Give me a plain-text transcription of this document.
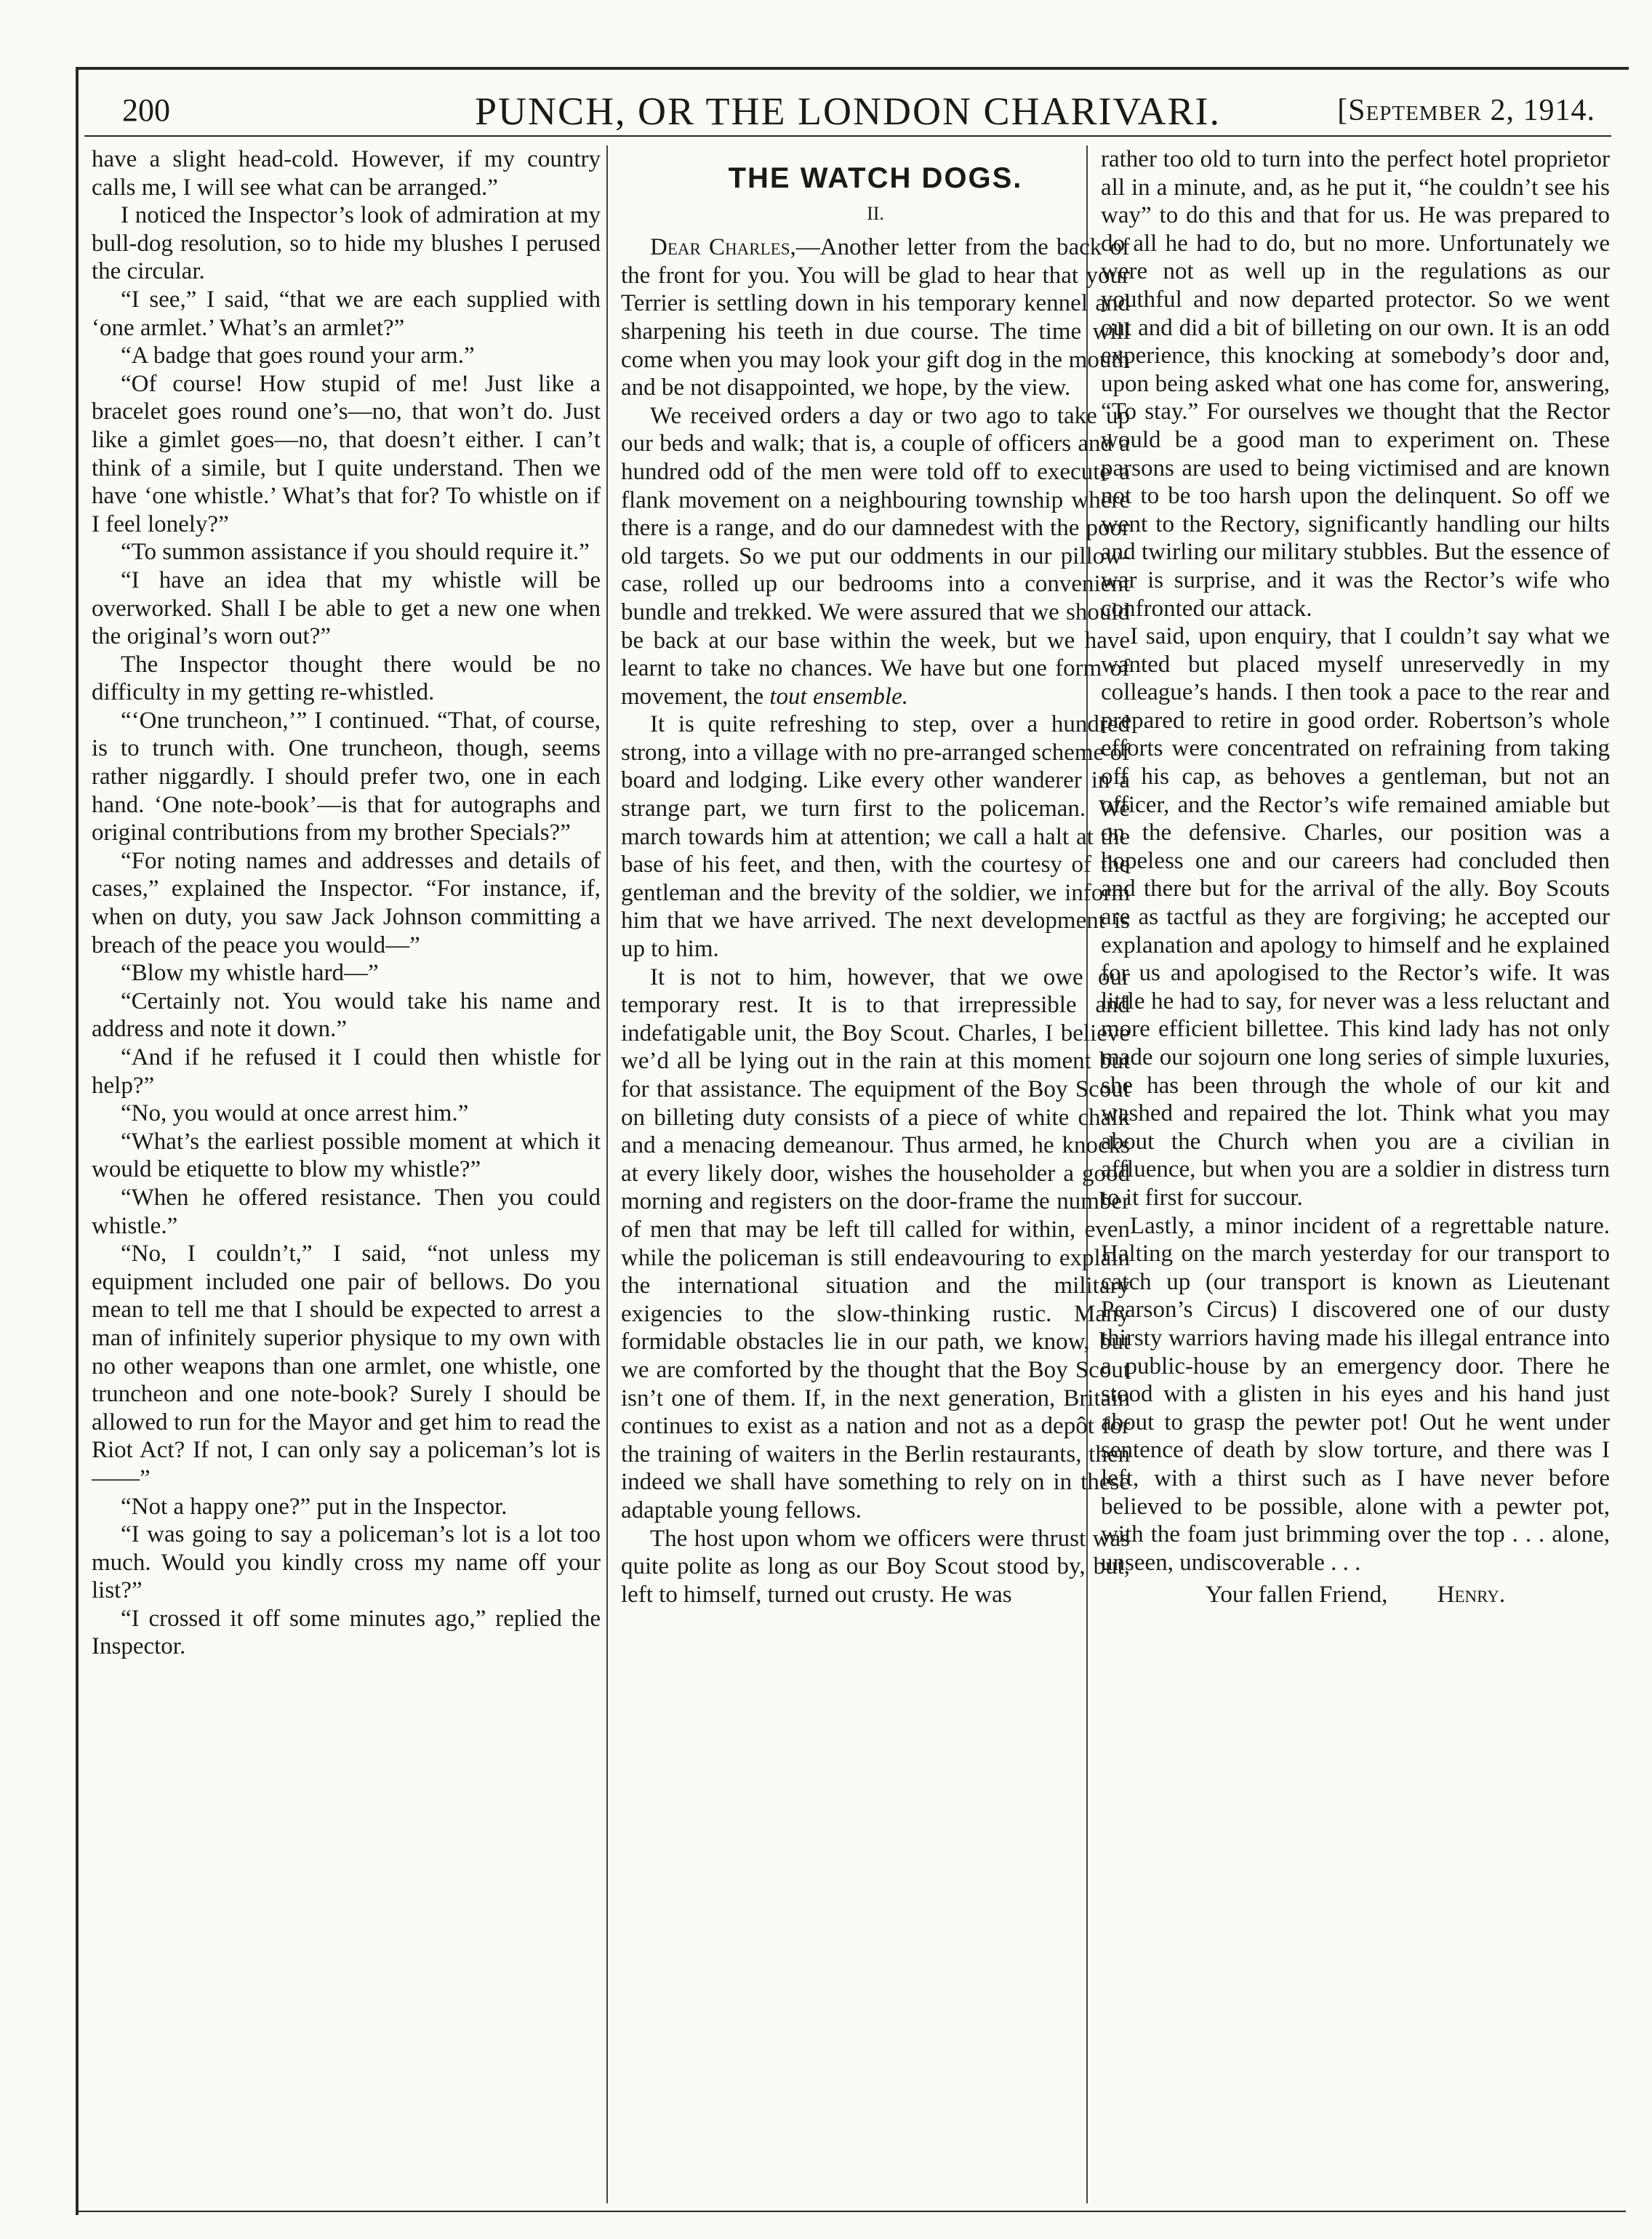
200	PUNCH, OR THE LONDON CHARIVARI.	[September 2, 1914.

have a slight head-cold. However, if my country calls me, I will see what can be arranged.”

I noticed the Inspector’s look of admiration at my bull-dog resolution, so to hide my blushes I perused the circular.

“I see,” I said, “that we are each supplied with ‘one armlet.’ What’s an armlet?”

“A badge that goes round your arm.”

“Of course! How stupid of me! Just like a bracelet goes round one’s—no, that won’t do. Just like a gimlet goes—no, that doesn’t either. I can’t think of a simile, but I quite understand. Then we have ‘one whistle.’ What’s that for? To whistle on if I feel lonely?”

“To summon assistance if you should require it.”

“I have an idea that my whistle will be overworked. Shall I be able to get a new one when the original’s worn out?”

The Inspector thought there would be no difficulty in my getting re-whistled.

“‘One truncheon,’” I continued. “That, of course, is to trunch with. One truncheon, though, seems rather niggardly. I should prefer two, one in each hand. ‘One note-book’—is that for autographs and original contributions from my brother Specials?”

“For noting names and addresses and details of cases,” explained the Inspector. “For instance, if, when on duty, you saw Jack Johnson committing a breach of the peace you would—”

“Blow my whistle hard—”

“Certainly not. You would take his name and address and note it down.”

“And if he refused it I could then whistle for help?”

“No, you would at once arrest him.”

“What’s the earliest possible moment at which it would be etiquette to blow my whistle?”

“When he offered resistance. Then you could whistle.”

“No, I couldn’t,” I said, “not unless my equipment included one pair of bellows. Do you mean to tell me that I should be expected to arrest a man of infinitely superior physique to my own with no other weapons than one armlet, one whistle, one truncheon and one note-book? Surely I should be allowed to run for the Mayor and get him to read the Riot Act? If not, I can only say a policeman’s lot is——”

“Not a happy one?” put in the Inspector.

“I was going to say a policeman’s lot is a lot too much. Would you kindly cross my name off your list?”

“I crossed it off some minutes ago,” replied the Inspector.

THE WATCH DOGS.
II.

Dear Charles,—Another letter from the back of the front for you. You will be glad to hear that your Terrier is settling down in his temporary kennel and sharpening his teeth in due course. The time will come when you may look your gift dog in the mouth and be not disappointed, we hope, by the view.

We received orders a day or two ago to take up our beds and walk; that is, a couple of officers and a hundred odd of the men were told off to execute a flank movement on a neighbouring township where there is a range, and do our damnedest with the poor old targets. So we put our oddments in our pillow-case, rolled up our bedrooms into a convenient bundle and trekked. We were assured that we should be back at our base within the week, but we have learnt to take no chances. We have but one form of movement, the tout ensemble.

It is quite refreshing to step, over a hundred strong, into a village with no pre-arranged scheme of board and lodging. Like every other wanderer in a strange part, we turn first to the policeman. We march towards him at attention; we call a halt at the base of his feet, and then, with the courtesy of the gentleman and the brevity of the soldier, we inform him that we have arrived. The next development is up to him.

It is not to him, however, that we owe our temporary rest. It is to that irrepressible and indefatigable unit, the Boy Scout. Charles, I believe we’d all be lying out in the rain at this moment but for that assistance. The equipment of the Boy Scout on billeting duty consists of a piece of white chalk and a menacing demeanour. Thus armed, he knocks at every likely door, wishes the householder a good morning and registers on the door-frame the number of men that may be left till called for within, even while the policeman is still endeavouring to explain the international situation and the military exigencies to the slow-thinking rustic. Many formidable obstacles lie in our path, we know, but we are comforted by the thought that the Boy Scout isn’t one of them. If, in the next generation, Britain continues to exist as a nation and not as a depôt for the training of waiters in the Berlin restaurants, then indeed we shall have something to rely on in these adaptable young fellows.

The host upon whom we officers were thrust was quite polite as long as our Boy Scout stood by, but, left to himself, turned out crusty. He was

rather too old to turn into the perfect hotel proprietor all in a minute, and, as he put it, “he couldn’t see his way” to do this and that for us. He was prepared to do all he had to do, but no more. Unfortunately we were not as well up in the regulations as our youthful and now departed protector. So we went out and did a bit of billeting on our own. It is an odd experience, this knocking at somebody’s door and, upon being asked what one has come for, answering, “To stay.” For ourselves we thought that the Rector would be a good man to experiment on. These parsons are used to being victimised and are known not to be too harsh upon the delinquent. So off we went to the Rectory, significantly handling our hilts and twirling our military stubbles. But the essence of war is surprise, and it was the Rector’s wife who confronted our attack.

I said, upon enquiry, that I couldn’t say what we wanted but placed myself unreservedly in my colleague’s hands. I then took a pace to the rear and prepared to retire in good order. Robertson’s whole efforts were concentrated on refraining from taking off his cap, as behoves a gentleman, but not an officer, and the Rector’s wife remained amiable but on the defensive. Charles, our position was a hopeless one and our careers had concluded then and there but for the arrival of the ally. Boy Scouts are as tactful as they are forgiving; he accepted our explanation and apology to himself and he explained for us and apologised to the Rector’s wife. It was little he had to say, for never was a less reluctant and more efficient billettee. This kind lady has not only made our sojourn one long series of simple luxuries, she has been through the whole of our kit and washed and repaired the lot. Think what you may about the Church when you are a civilian in affluence, but when you are a soldier in distress turn to it first for succour.

Lastly, a minor incident of a regrettable nature. Halting on the march yesterday for our transport to catch up (our transport is known as Lieutenant Pearson’s Circus) I discovered one of our dusty thirsty warriors having made his illegal entrance into a public-house by an emergency door. There he stood with a glisten in his eyes and his hand just about to grasp the pewter pot! Out he went under sentence of death by slow torture, and there was I left, with a thirst such as I have never before believed to be possible, alone with a pewter pot, with the foam just brimming over the top . . . alone, unseen, undiscoverable . . .

Your fallen Friend, Henry.
